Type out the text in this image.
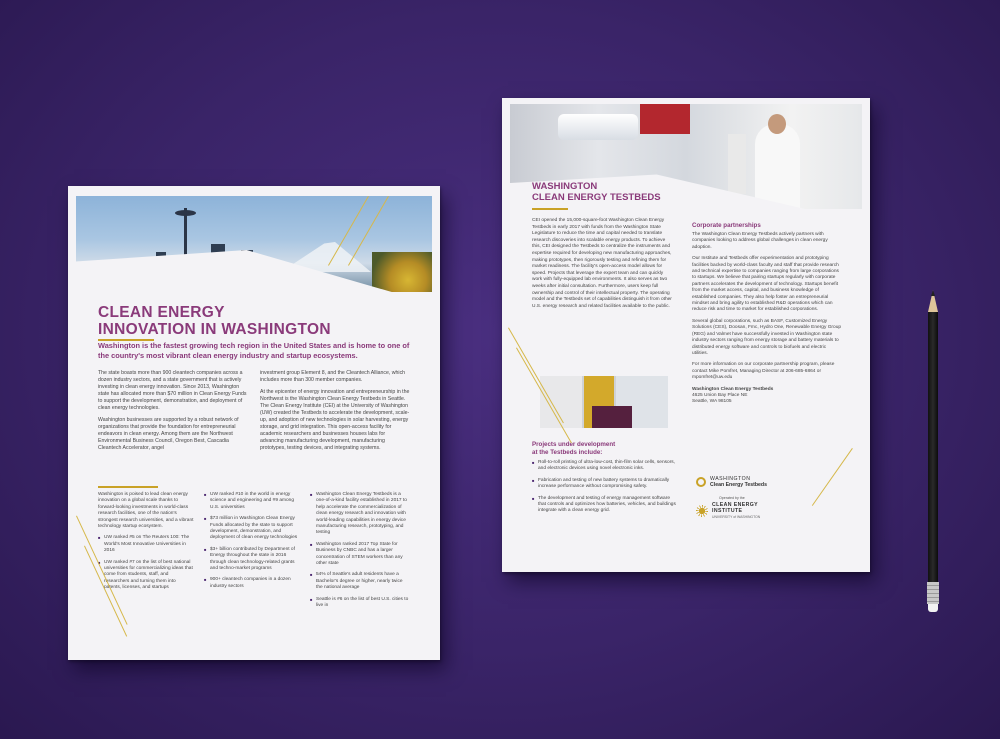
CLEAN ENERGY
INNOVATION IN WASHINGTON
Washington is the fastest growing tech region in the United States and is home to one of the country's most vibrant clean energy industry and startup ecosystems.

The state boasts more than 900 cleantech companies across a dozen industry sectors, and a state government that is actively investing in clean energy innovation. Since 2013, Washington state has allocated more than $70 million in Clean Energy Funds to support the development, demonstration, and deployment of clean energy technologies.

Washington businesses are supported by a robust network of organizations that provide the foundation for entrepreneurial endeavors in clean energy. Among them are the Northwest Environmental Business Council, Oregon Best, Cascadia Cleantech Accelerator, angel

investment group Element 8, and the Cleantech Alliance, which includes more than 300 member companies.

At the epicenter of energy innovation and entrepreneurship in the Northwest is the Washington Clean Energy Testbeds in Seattle. The Clean Energy Institute (CEI) at the University of Washington (UW) created the Testbeds to accelerate the development, scale-up, and adoption of new technologies in solar harvesting, energy storage, and grid integration. This open-access facility for academic researchers and businesses houses labs for advancing manufacturing development, manufacturing prototypes, testing devices, and integrating systems.

Washington is poised to lead clean energy innovation on a global scale thanks to forward-looking investments in world-class research facilities, one of the nation's strongest research universities, and a vibrant technology startup ecosystem.

■ UW ranked #5 on The Reuters 100: The World's Most Innovative Universities in 2016

■ UW ranked #7 on the list of best national universities for commercializing ideas that come from students, staff, and researchers and turning them into patents, licenses, and startups

■ UW ranked #10 in the world in energy science and engineering and #9 among U.S. universities

■ $73 million in Washington Clean Energy Funds allocated by the state to support development, demonstration, and deployment of clean energy technologies

■ $3+ billion contributed by Department of Energy throughout the state in 2016 through clean technology-related grants and techno-market programs

■ 900+ cleantech companies in a dozen industry sectors

■ Washington Clean Energy Testbeds is a one-of-a-kind facility established in 2017 to help accelerate the commercialization of clean energy research and innovation with world-leading capabilities in energy device manufacturing research, prototyping, and testing

■ Washington ranked 2017 Top State for Business by CNBC and has a larger concentration of STEM workers than any other state

■ 54% of Seattle's adult residents have a Bachelor's degree or higher, nearly twice the national average

■ Seattle is #6 on the list of best U.S. cities to live in

WASHINGTON
CLEAN ENERGY TESTBEDS
CEI opened the 15,000-square-foot Washington Clean Energy Testbeds in early 2017 with funds from the Washington State Legislature to reduce the time and capital needed to translate research discoveries into scalable energy products. To achieve this, CEI designed the Testbeds to centralize the instruments and expertise required for developing new manufacturing approaches, making prototypes, then rigorously testing and refining them for market readiness. The facility's open-access model allows for speed. Projects that leverage the expert team and can quickly work with fully-equipped lab environments. It also serves as two weeks after initial consultation. Furthermore, users keep full ownership and control of their intellectual property. The operating model and the Testbeds set of capabilities distinguish it from other U.S. energy research and related facilities available to the public.
Projects under development
at the Testbeds include:

■ Roll-to-roll printing of ultra-low-cost, thin-film solar cells, sensors, and electronic devices using novel electronic inks.

■ Fabrication and testing of new battery systems to dramatically increase performance without compromising safety.

■ The development and testing of energy management software that controls and optimizes how batteries, vehicles, and buildings integrate with a clean energy grid.

Corporate partnerships

The Washington Clean Energy Testbeds actively partners with companies looking to address global challenges in clean energy adoption.

Our Institute and Testbeds offer experimentation and prototyping facilities backed by world-class faculty and staff that provide research and technical expertise to companies ranging from large corporations to startups. We believe that pairing startups regularly with corporate partners accelerates the development of technology. Startups benefit from the market access, capital, and business knowledge of established companies. They also help foster an entrepreneurial mindset and bring agility to established R&D operations which can reduce risk and time to market for established corporations.

Several global corporations, such as BASF, Customized Energy Solutions (CES), Doosan, Fmc, Hydro One, Renewable Energy Group (REG) and Valmet have successfully invested in Washington state industry sectors ranging from energy storage and battery materials to distributed energy software and controls to biofuels and electric utilities.

For more information on our corporate partnership program, please contact Mike Pomfret, Managing Director at 206-685-6864 or mpomfret@uw.edu

Washington Clean Energy Testbeds
4625 Union Bay Place NE
Seattle, WA 98105
WASHINGTON
Clean Energy Testbeds
Operated by the
CLEAN ENERGY
INSTITUTE
UNIVERSITY of WASHINGTON
